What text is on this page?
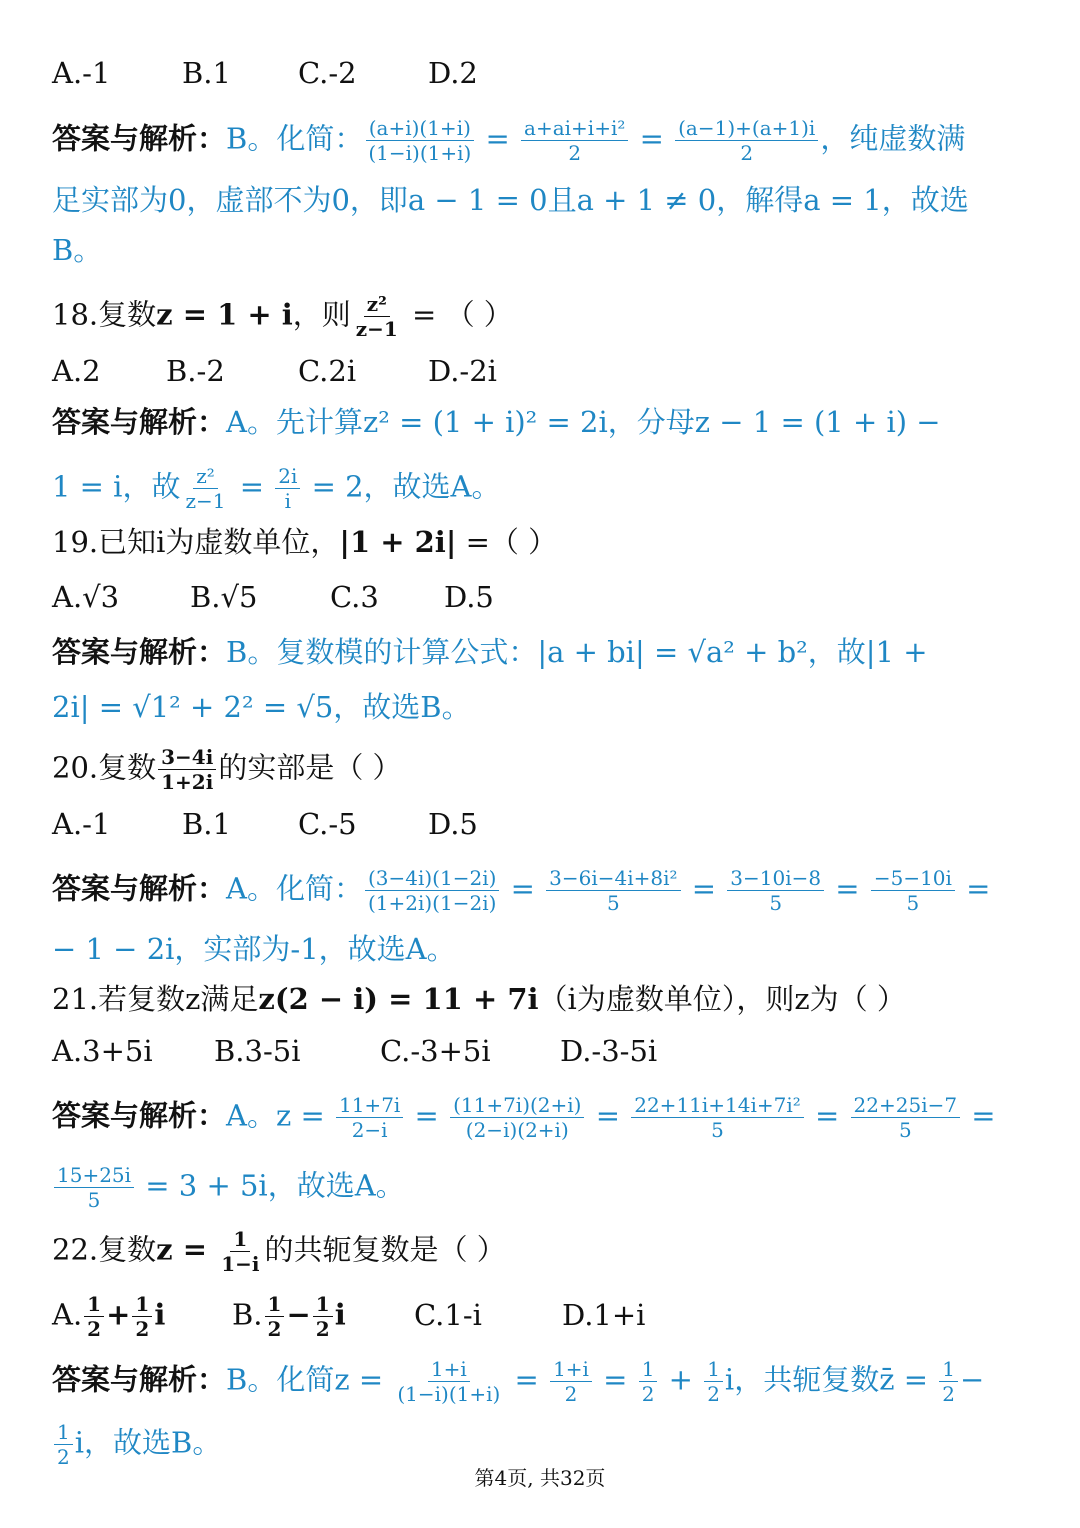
A.-1 B.1 C.-2 D.2
答案与解析：B。化简： $\frac{(a+i)(1+i)}{(1-i)(1+i)} = \frac{\text{a+ai+i+i²}}{2} = \frac{(a-1)+(a+1)i}{2}$ ，纯虚数满
足实部为0，虚部不为0，即a − 1 = 0且a + 1 ≠ 0，解得a = 1，故选
B。
18.复数z = 1 + i，则 $\frac{\text{z²}}{z-1}$ = （ ）
A.2 B.-2	C.2i D.-2i
答案与解析：A。先计算z² = (1 + i)² = 2i，分母z − 1 = (1 + i) −
1 = i，故 $\frac{\text{z²}}{z-1} = \frac{2i}{i} = 2$，故选A。
19.已知i为虚数单位，|1 + 2i| =（ ）
A.√3 B.√5	C.3 D.5
答案与解析：B。复数模的计算公式：|a + bi| = √a² + b²，故|1 +
2i| = √1² + 2² = √5，故选B。
20.复数 $\frac{3-4i}{1+2i}$ 的实部是（ ）
A.-1 B.1 C.-5 D.5
答案与解析：A。化简： $\frac{(3-4i)(1-2i)}{(1+2i)(1-2i)} = \frac{\text{3−6i−4i+8i²}}{5} = \frac{3-10i-8}{5} = \frac{-5-10i}{5}$ =
− 1 − 2i，实部为-1，故选A。
21.若复数z满足z(2 − i) = 11 + 7i（i为虚数单位），则z为（ ）
A.3+5i B.3-5i	C.-3+5i D.-3-5i
答案与解析：A。$z = \frac{11+7i}{2-i} = \frac{(11+7i)(2+i)}{(2-i)(2+i)} = \frac{\text{22+11i+14i+7i²}}{5} = \frac{22+25i-7}{5}$ =
$\frac{15+25i}{5} = 3 + 5i$，故选A。
22.复数$z = \frac{1}{1-i}$ 的共轭复数是（ ）
A. $\frac{1}{2} + \frac{1}{2}$ i B. $\frac{1}{2} - \frac{1}{2}$ i C.1-i	D.1+i
答案与解析：B。化简$z = \frac{1+i}{(1-i)(1+i)} = \frac{1+i}{2} = \frac{1}{2} + \frac{1}{2}$ i，共轭复数z̄ = $\frac{1}{2}$ −
$\frac{1}{2}$ i，故选B。
第4页, 共32页
